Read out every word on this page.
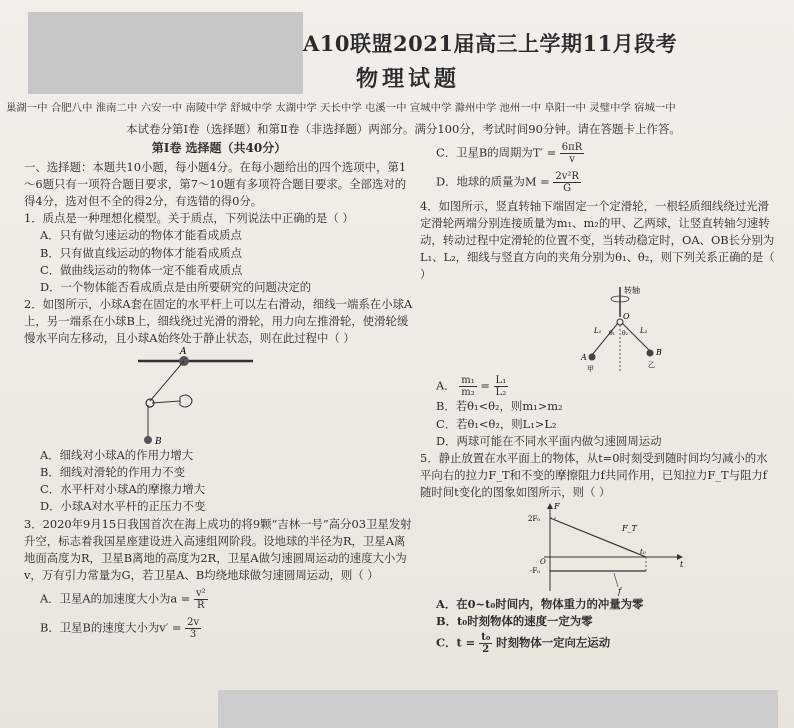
A10联盟2021届高三上学期11月段考
物理试题
巢湖一中 合肥八中 淮南二中 六安一中 南陵中学 舒城中学 太湖中学 天长中学 屯溪一中 宣城中学 滁州中学 池州一中 阜阳一中 灵璧中学 宿城一中
本试卷分第Ⅰ卷（选择题）和第Ⅱ卷（非选择题）两部分。满分100分，考试时间90分钟。请在答题卡上作答。
第Ⅰ卷 选择题（共40分）

一、选择题：本题共10小题，每小题4分。在每小题给出的四个选项中，第1～6题只有一项符合题目要求，第7～10题有多项符合题目要求。全部选对的得4分，选对但不全的得2分，有选错的得0分。

1．质点是一种理想化模型。关于质点，下列说法中正确的是（ ）

A．只有做匀速运动的物体才能看成质点

B．只有做直线运动的物体才能看成质点

C．做曲线运动的物体一定不能看成质点

D．一个物体能否看成质点是由所要研究的问题决定的

2．如图所示，小球A套在固定的水平杆上可以左右滑动，细线一端系在小球A上，另一端系在小球B上，细线绕过光滑的滑轮，用力向左推滑轮，使滑轮缓慢水平向左移动，且小球A始终处于静止状态，则在此过程中（ ）

A
B

A．细线对小球A的作用力增大

B．细线对滑轮的作用力不变

C．水平杆对小球A的摩擦力增大

D．小球A对水平杆的正压力不变

3．2020年9月15日我国首次在海上成功的将9颗“吉林一号”高分03卫星发射升空，标志着我国星座建设进入高速组网阶段。设地球的半径为R，卫星A离地面高度为R，卫星B离地的高度为2R，卫星A做匀速圆周运动的速度大小为v，万有引力常量为G，若卫星A、B均绕地球做匀速圆周运动，则（ ）

A．卫星A的加速度大小为$a = \frac{\text{v²}}{R}$

B．卫星B的速度大小为$v' = \frac{2v}{3}$

C．卫星B的周期为$T' = \frac{6\pi R}{v}$

D．地球的质量为$M = \frac{\text{2v²R}}{G}$

4．如图所示，竖直转轴下端固定一个定滑轮，一根轻质细线绕过光滑定滑轮两端分别连接质量为m₁、m₂的甲、乙两球，让竖直转轴匀速转动，转动过程中定滑轮的位置不变，当转动稳定时，OA、OB长分别为L₁、L₂，细线与竖直方向的夹角分别为θ₁、θ₂，则下列关系正确的是（ ）

转轴
O
L₁	L₂
θ₁ θ₂
A
B
甲	乙

A． $\frac{\text{m₁}}{\text{m₂}} = \frac{\text{L₁}}{\text{L₂}}$

B．若θ₁<θ₂，则m₁>m₂

C．若θ₁<θ₂，则L₁>L₂

D．两球可能在不同水平面内做匀速圆周运动

5．静止放置在水平面上的物体，从t=0时刻受到随时间均匀减小的水平向右的拉力F_T和不变的摩擦阻力f共同作用，已知拉力F_T与阻力f随时间t变化的图象如图所示，则（ ）

F
t
2F₀
-F₀
O
t₀
F_T
f

A．在0~t₀时间内，物体重力的冲量为零

B．t₀时刻物体的速度一定为零

C．$t = \frac{\text{t₀}}{2}$ 时刻物体一定向左运动
